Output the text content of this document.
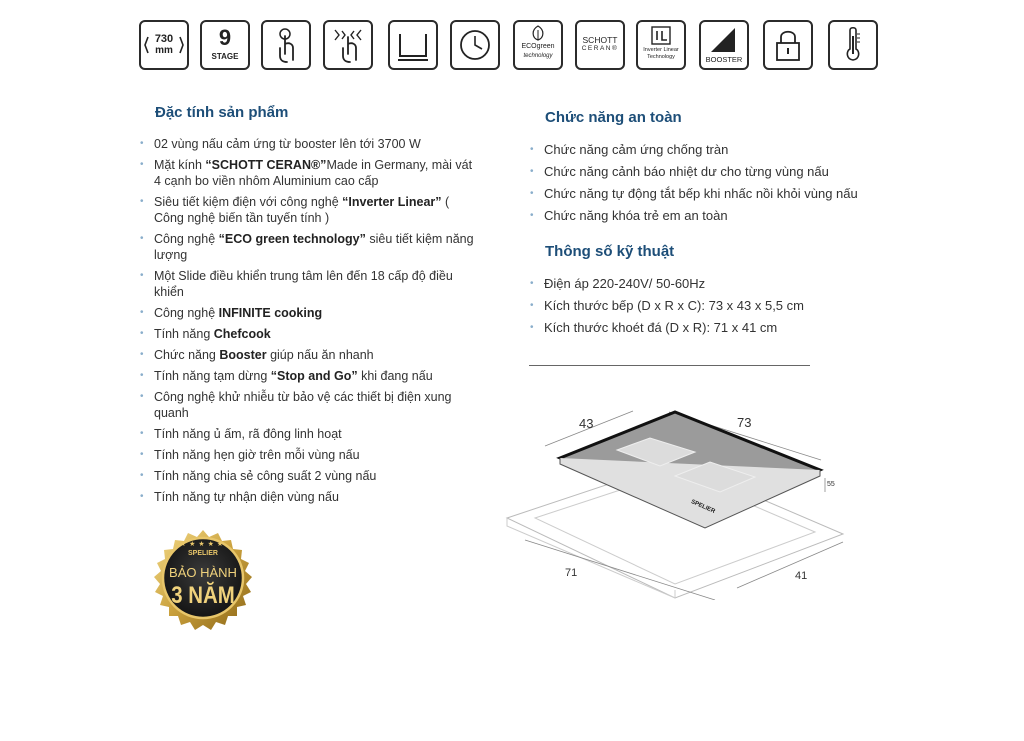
730
mm
9
STAGE
ECOgreen
technology
SCHOTT
CERAN®	Inverter Linear
Technology	BOOSTER
Đặc tính sản phẩm
• 02 vùng nấu cảm ứng từ booster lên tới 3700 W
• Mặt kính “SCHOTT CERAN®”Made in Germany, mài vát 4 cạnh bo viền nhôm Aluminium cao cấp
• Siêu tiết kiệm điện với công nghệ “Inverter Linear” ( Công nghệ biến tần tuyến tính )
• Công nghệ “ECO green technology” siêu tiết kiệm năng lượng
• Một Slide điều khiển trung tâm lên đến 18 cấp độ điều khiển
• Công nghệ INFINITE cooking
• Tính năng Chefcook
• Chức năng Booster giúp nấu ăn nhanh
• Tính năng tạm dừng “Stop and Go” khi đang nấu
• Công nghệ khử nhiễu từ bảo vệ các thiết bị điện xung quanh
• Tính năng ủ ấm, rã đông linh hoạt
• Tính năng hẹn giờ trên mỗi vùng nấu
• Tính năng chia sẻ công suất 2 vùng nấu
• Tính năng tự nhận diện vùng nấu
Chức năng an toàn
• Chức năng cảm ứng chống tràn
• Chức năng cảnh báo nhiệt dư cho từng vùng nấu
• Chức năng tự động tắt bếp khi nhấc nồi khỏi vùng nấu
• Chức năng khóa trẻ em an toàn
Thông số kỹ thuật
• Điện áp 220-240V/ 50-60Hz
• Kích thước bếp (D x R x C): 73 x 43 x 5,5 cm
• Kích thước khoét đá (D x R): 71 x 41 cm
★★★★★
SPELIER
BẢO HÀNH
3 NĂM
SPELIER
43	73
55
71	41
